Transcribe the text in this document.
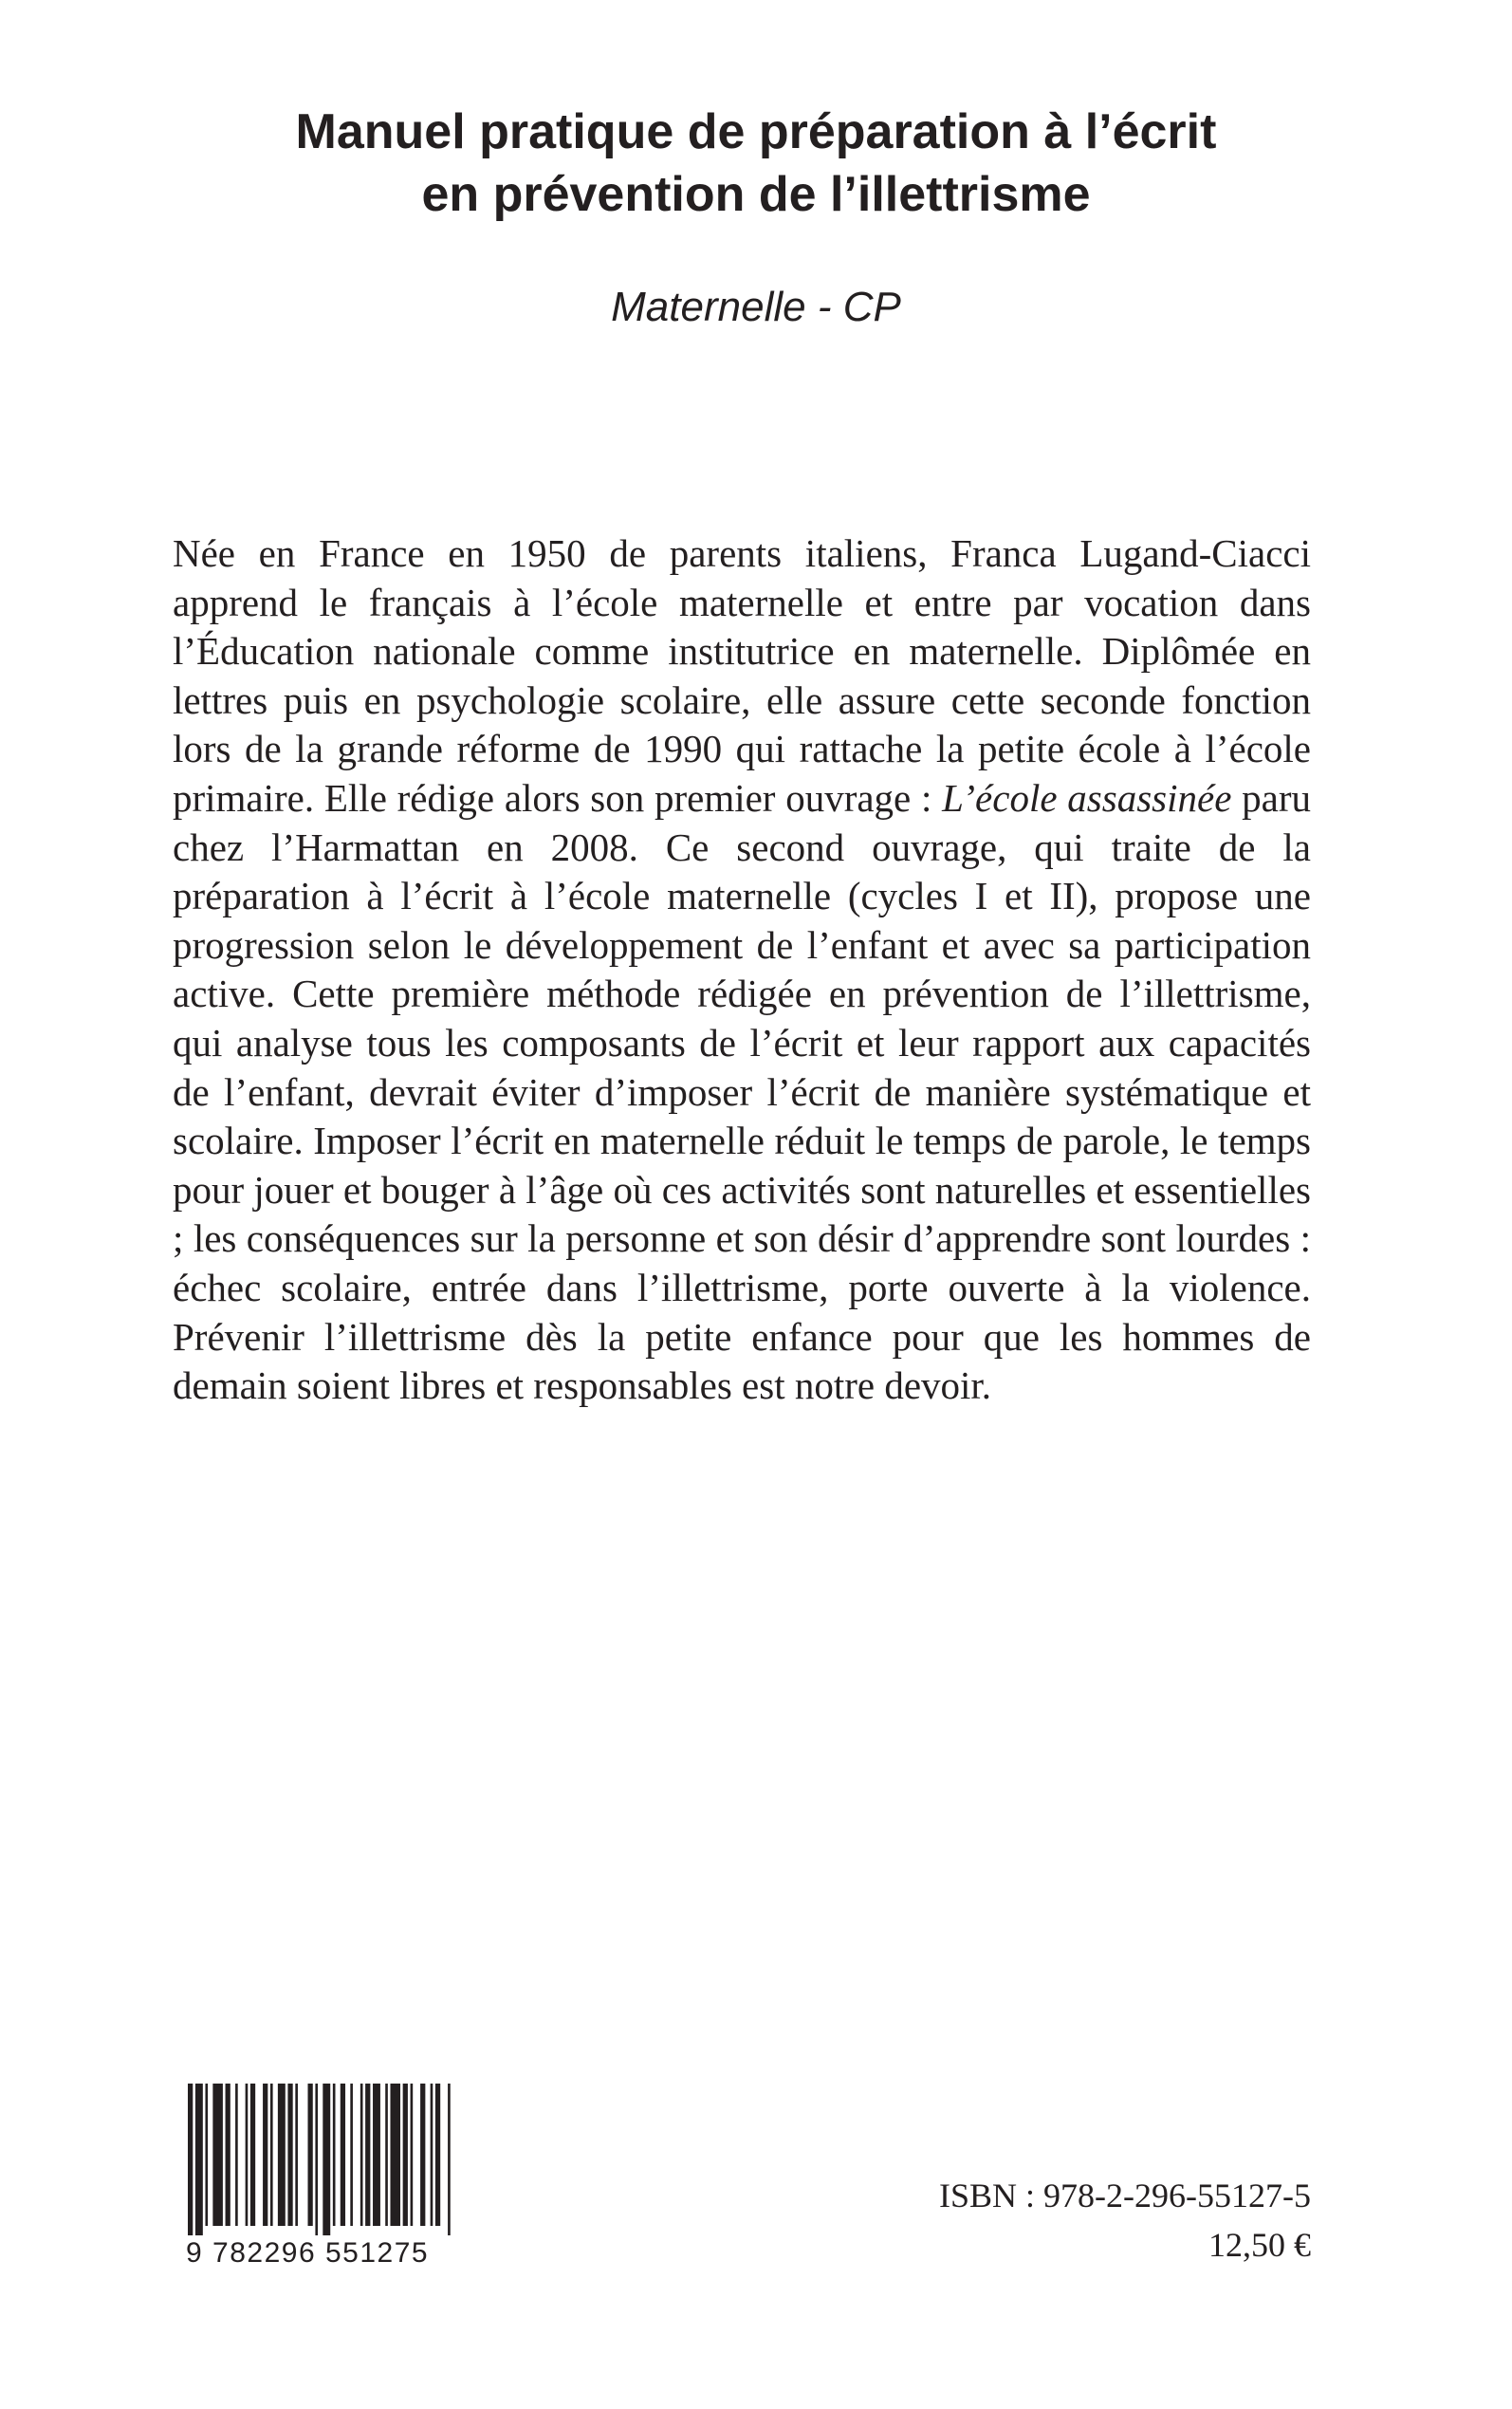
Manuel pratique de préparation à l’écrit
en prévention de l’illettrisme
Maternelle - CP

Née en France en 1950 de parents italiens, Franca Lugand-Ciacci apprend le français à l’école maternelle et entre par vocation dans l’Éducation nationale comme institutrice en maternelle. Diplômée en lettres puis en psychologie scolaire, elle assure cette seconde fonction lors de la grande réforme de 1990 qui rattache la petite école à l’école primaire. Elle rédige alors son premier ouvrage : L’école assassinée paru chez l’Harmattan en 2008. Ce second ouvrage, qui traite de la préparation à l’écrit à l’école maternelle (cycles I et II), propose une progression selon le développement de l’enfant et avec sa participation active. Cette première méthode rédigée en prévention de l’illettrisme, qui analyse tous les composants de l’écrit et leur rapport aux capacités de l’enfant, devrait éviter d’imposer l’écrit de manière systématique et scolaire. Imposer l’écrit en maternelle réduit le temps de parole, le temps pour jouer et bouger à l’âge où ces activités sont naturelles et essentielles ; les conséquences sur la personne et son désir d’apprendre sont lourdes : échec scolaire, entrée dans l’illettrisme, porte ouverte à la violence. Prévenir l’illettrisme dès la petite enfance pour que les hommes de demain soient libres et responsables est notre devoir.

9 782296 551275
ISBN : 978-2-296-55127-5
12,50 €
